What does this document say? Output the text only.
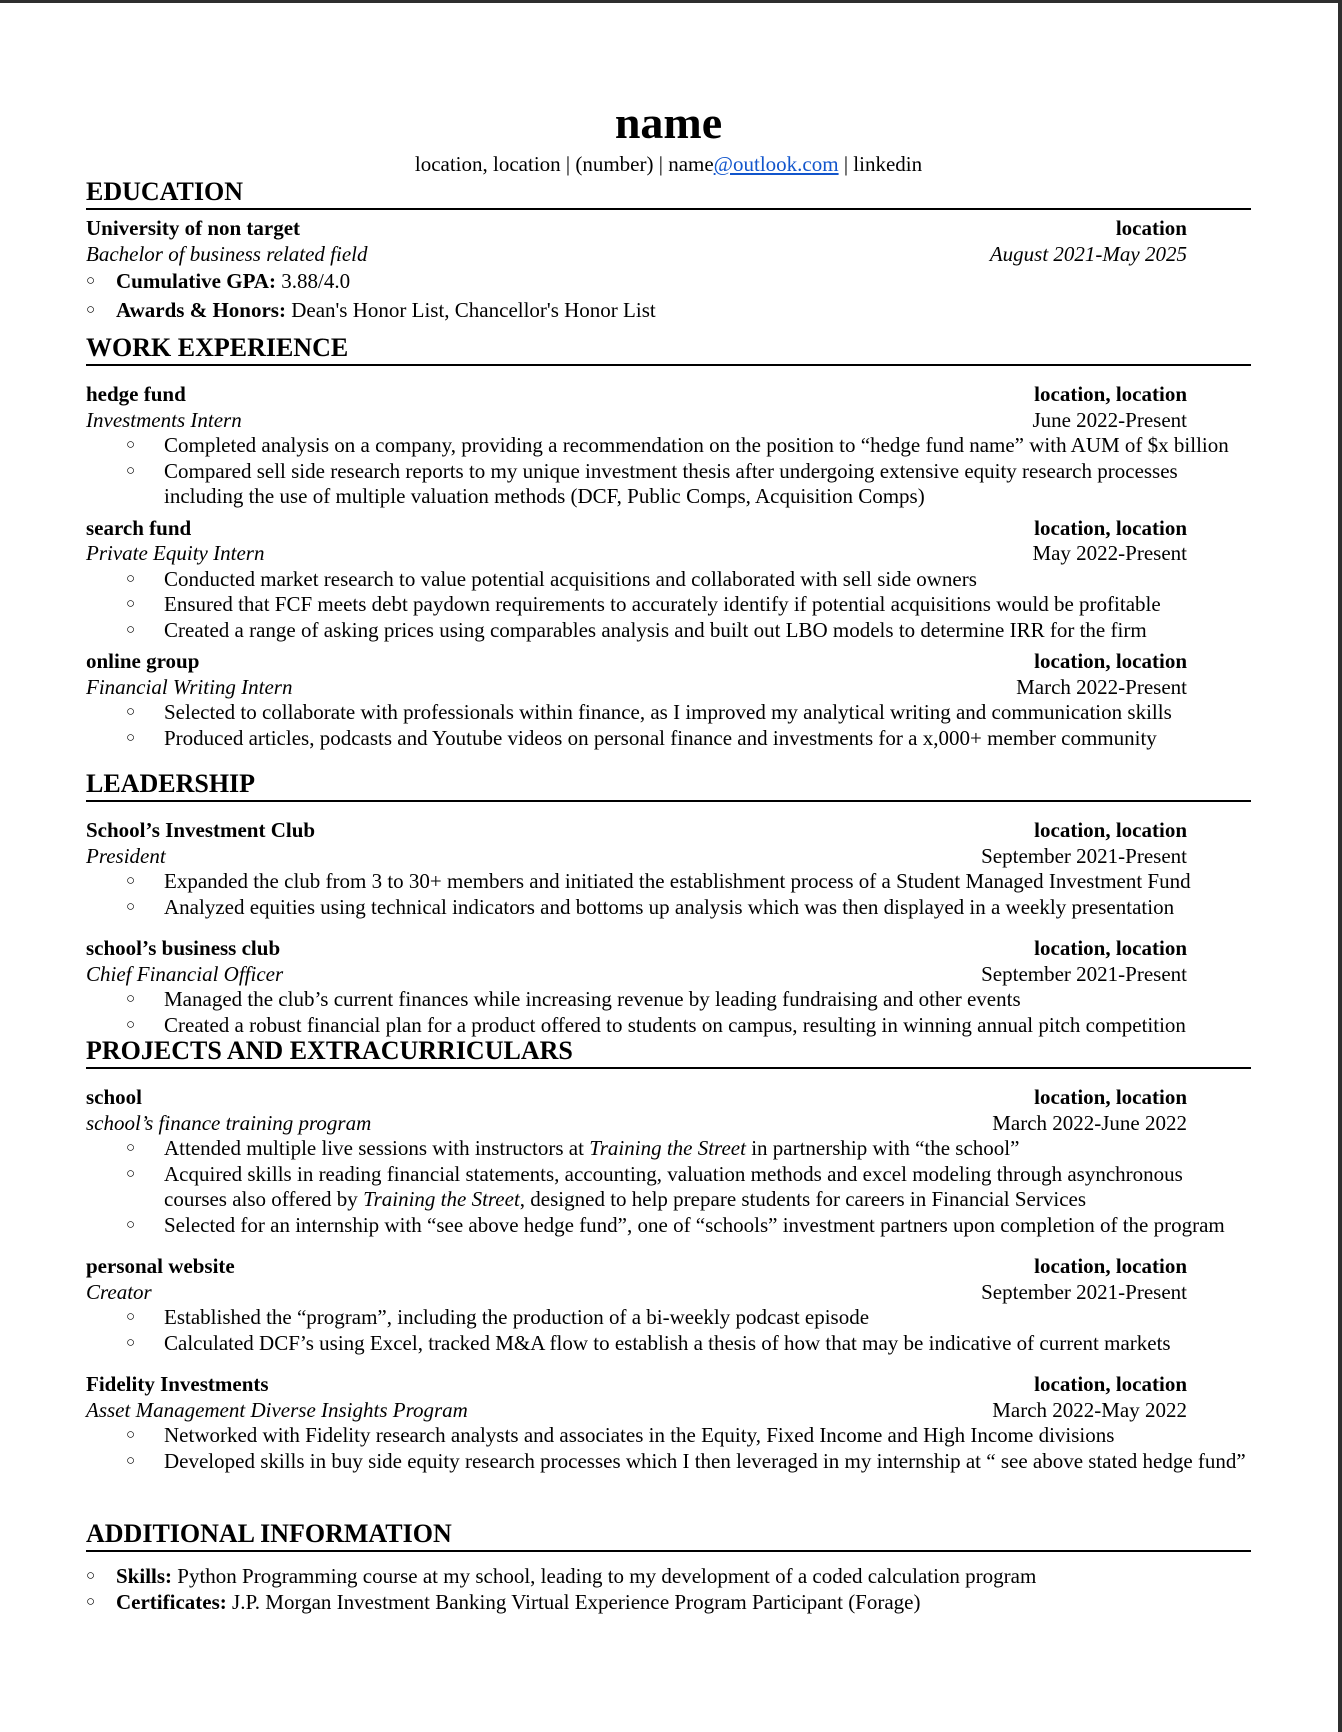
name
location, location | (number) | name@outlook.com | linkedin
EDUCATION
University of non target	location
Bachelor of business related field	August 2021-May 2025
○ Cumulative GPA: 3.88/4.0
○ Awards & Honors: Dean's Honor List, Chancellor's Honor List
WORK EXPERIENCE
hedge fund	location, location
Investments Intern	June 2022-Present
○ Completed analysis on a company, providing a recommendation on the position to “hedge fund name” with AUM of $x billion
○ Compared sell side research reports to my unique investment thesis after undergoing extensive equity research processes including the use of multiple valuation methods (DCF, Public Comps, Acquisition Comps)
search fund	location, location
Private Equity Intern	May 2022-Present
○ Conducted market research to value potential acquisitions and collaborated with sell side owners
○ Ensured that FCF meets debt paydown requirements to accurately identify if potential acquisitions would be profitable
○ Created a range of asking prices using comparables analysis and built out LBO models to determine IRR for the firm
online group	location, location
Financial Writing Intern	March 2022-Present
○ Selected to collaborate with professionals within finance, as I improved my analytical writing and communication skills
○ Produced articles, podcasts and Youtube videos on personal finance and investments for a x,000+ member community
LEADERSHIP
School’s Investment Club	location, location
President	September 2021-Present
○ Expanded the club from 3 to 30+ members and initiated the establishment process of a Student Managed Investment Fund
○ Analyzed equities using technical indicators and bottoms up analysis which was then displayed in a weekly presentation
school’s business club	location, location
Chief Financial Officer	September 2021-Present
○ Managed the club’s current finances while increasing revenue by leading fundraising and other events
○ Created a robust financial plan for a product offered to students on campus, resulting in winning annual pitch competition
PROJECTS AND EXTRACURRICULARS
school	location, location
school’s finance training program	March 2022-June 2022
○ Attended multiple live sessions with instructors at Training the Street in partnership with “the school”
○ Acquired skills in reading financial statements, accounting, valuation methods and excel modeling through asynchronous courses also offered by Training the Street, designed to help prepare students for careers in Financial Services
○ Selected for an internship with “see above hedge fund”, one of “schools” investment partners upon completion of the program
personal website	location, location
Creator	September 2021-Present
○ Established the “program”, including the production of a bi-weekly podcast episode
○ Calculated DCF’s using Excel, tracked M&A flow to establish a thesis of how that may be indicative of current markets
Fidelity Investments	location, location
Asset Management Diverse Insights Program	March 2022-May 2022
○ Networked with Fidelity research analysts and associates in the Equity, Fixed Income and High Income divisions
○ Developed skills in buy side equity research processes which I then leveraged in my internship at “ see above stated hedge fund”
ADDITIONAL INFORMATION
○ Skills: Python Programming course at my school, leading to my development of a coded calculation program
○ Certificates: J.P. Morgan Investment Banking Virtual Experience Program Participant (Forage)
